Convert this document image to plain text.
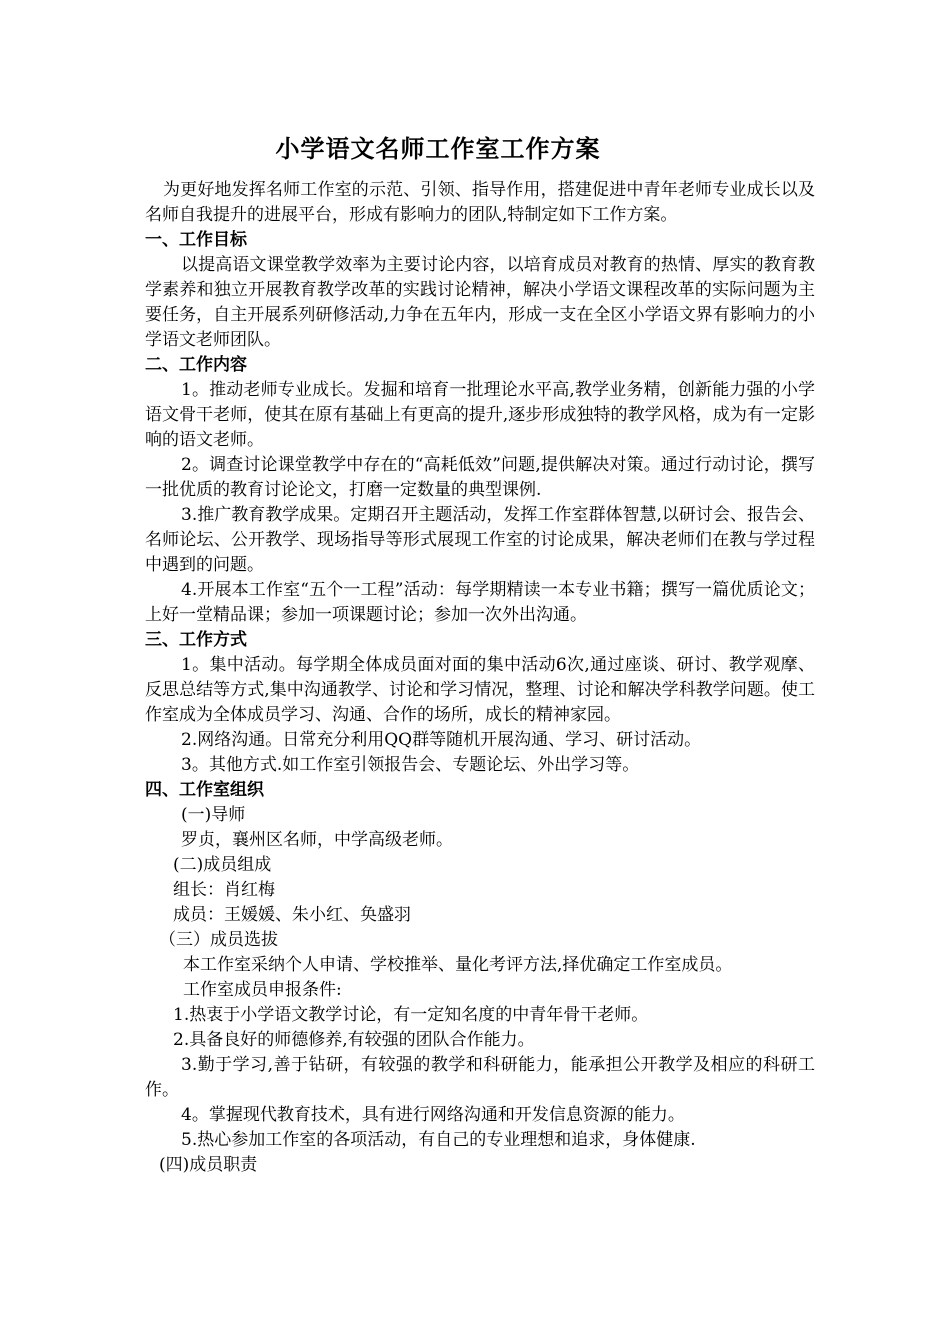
小学语文名师工作室工作方案

为更好地发挥名师工作室的示范、引领、指导作用，搭建促进中青年老师专业成长以及名师自我提升的进展平台，形成有影响力的团队,特制定如下工作方案。

一、工作目标

以提高语文课堂教学效率为主要讨论内容，以培育成员对教育的热情、厚实的教育教学素养和独立开展教育教学改革的实践讨论精神，解决小学语文课程改革的实际问题为主要任务，自主开展系列研修活动,力争在五年内，形成一支在全区小学语文界有影响力的小学语文老师团队。

二、工作内容

1。推动老师专业成长。发掘和培育一批理论水平高,教学业务精，创新能力强的小学语文骨干老师，使其在原有基础上有更高的提升,逐步形成独特的教学风格，成为有一定影响的语文老师。

2。调查讨论课堂教学中存在的“高耗低效”问题,提供解决对策。通过行动讨论，撰写一批优质的教育讨论论文，打磨一定数量的典型课例.

3.推广教育教学成果。定期召开主题活动，发挥工作室群体智慧,以研讨会、报告会、名师论坛、公开教学、现场指导等形式展现工作室的讨论成果，解决老师们在教与学过程中遇到的问题。

4.开展本工作室“五个一工程”活动：每学期精读一本专业书籍；撰写一篇优质论文；上好一堂精品课；参加一项课题讨论；参加一次外出沟通。

三、工作方式

1。集中活动。每学期全体成员面对面的集中活动6次,通过座谈、研讨、教学观摩、反思总结等方式,集中沟通教学、讨论和学习情况，整理、讨论和解决学科教学问题。使工作室成为全体成员学习、沟通、合作的场所，成长的精神家园。

2.网络沟通。日常充分利用QQ群等随机开展沟通、学习、研讨活动。

3。其他方式.如工作室引领报告会、专题论坛、外出学习等。

四、工作室组织

(一)导师

罗贞，襄州区名师，中学高级老师。

(二)成员组成

组长：肖红梅

成员：王媛媛、朱小红、奂盛羽

（三）成员选拔

本工作室采纳个人申请、学校推举、量化考评方法,择优确定工作室成员。

工作室成员申报条件:

1.热衷于小学语文教学讨论，有一定知名度的中青年骨干老师。

2.具备良好的师德修养,有较强的团队合作能力。

3.勤于学习,善于钻研，有较强的教学和科研能力，能承担公开教学及相应的科研工作。

4。掌握现代教育技术，具有进行网络沟通和开发信息资源的能力。

5.热心参加工作室的各项活动，有自己的专业理想和追求，身体健康.

(四)成员职责
